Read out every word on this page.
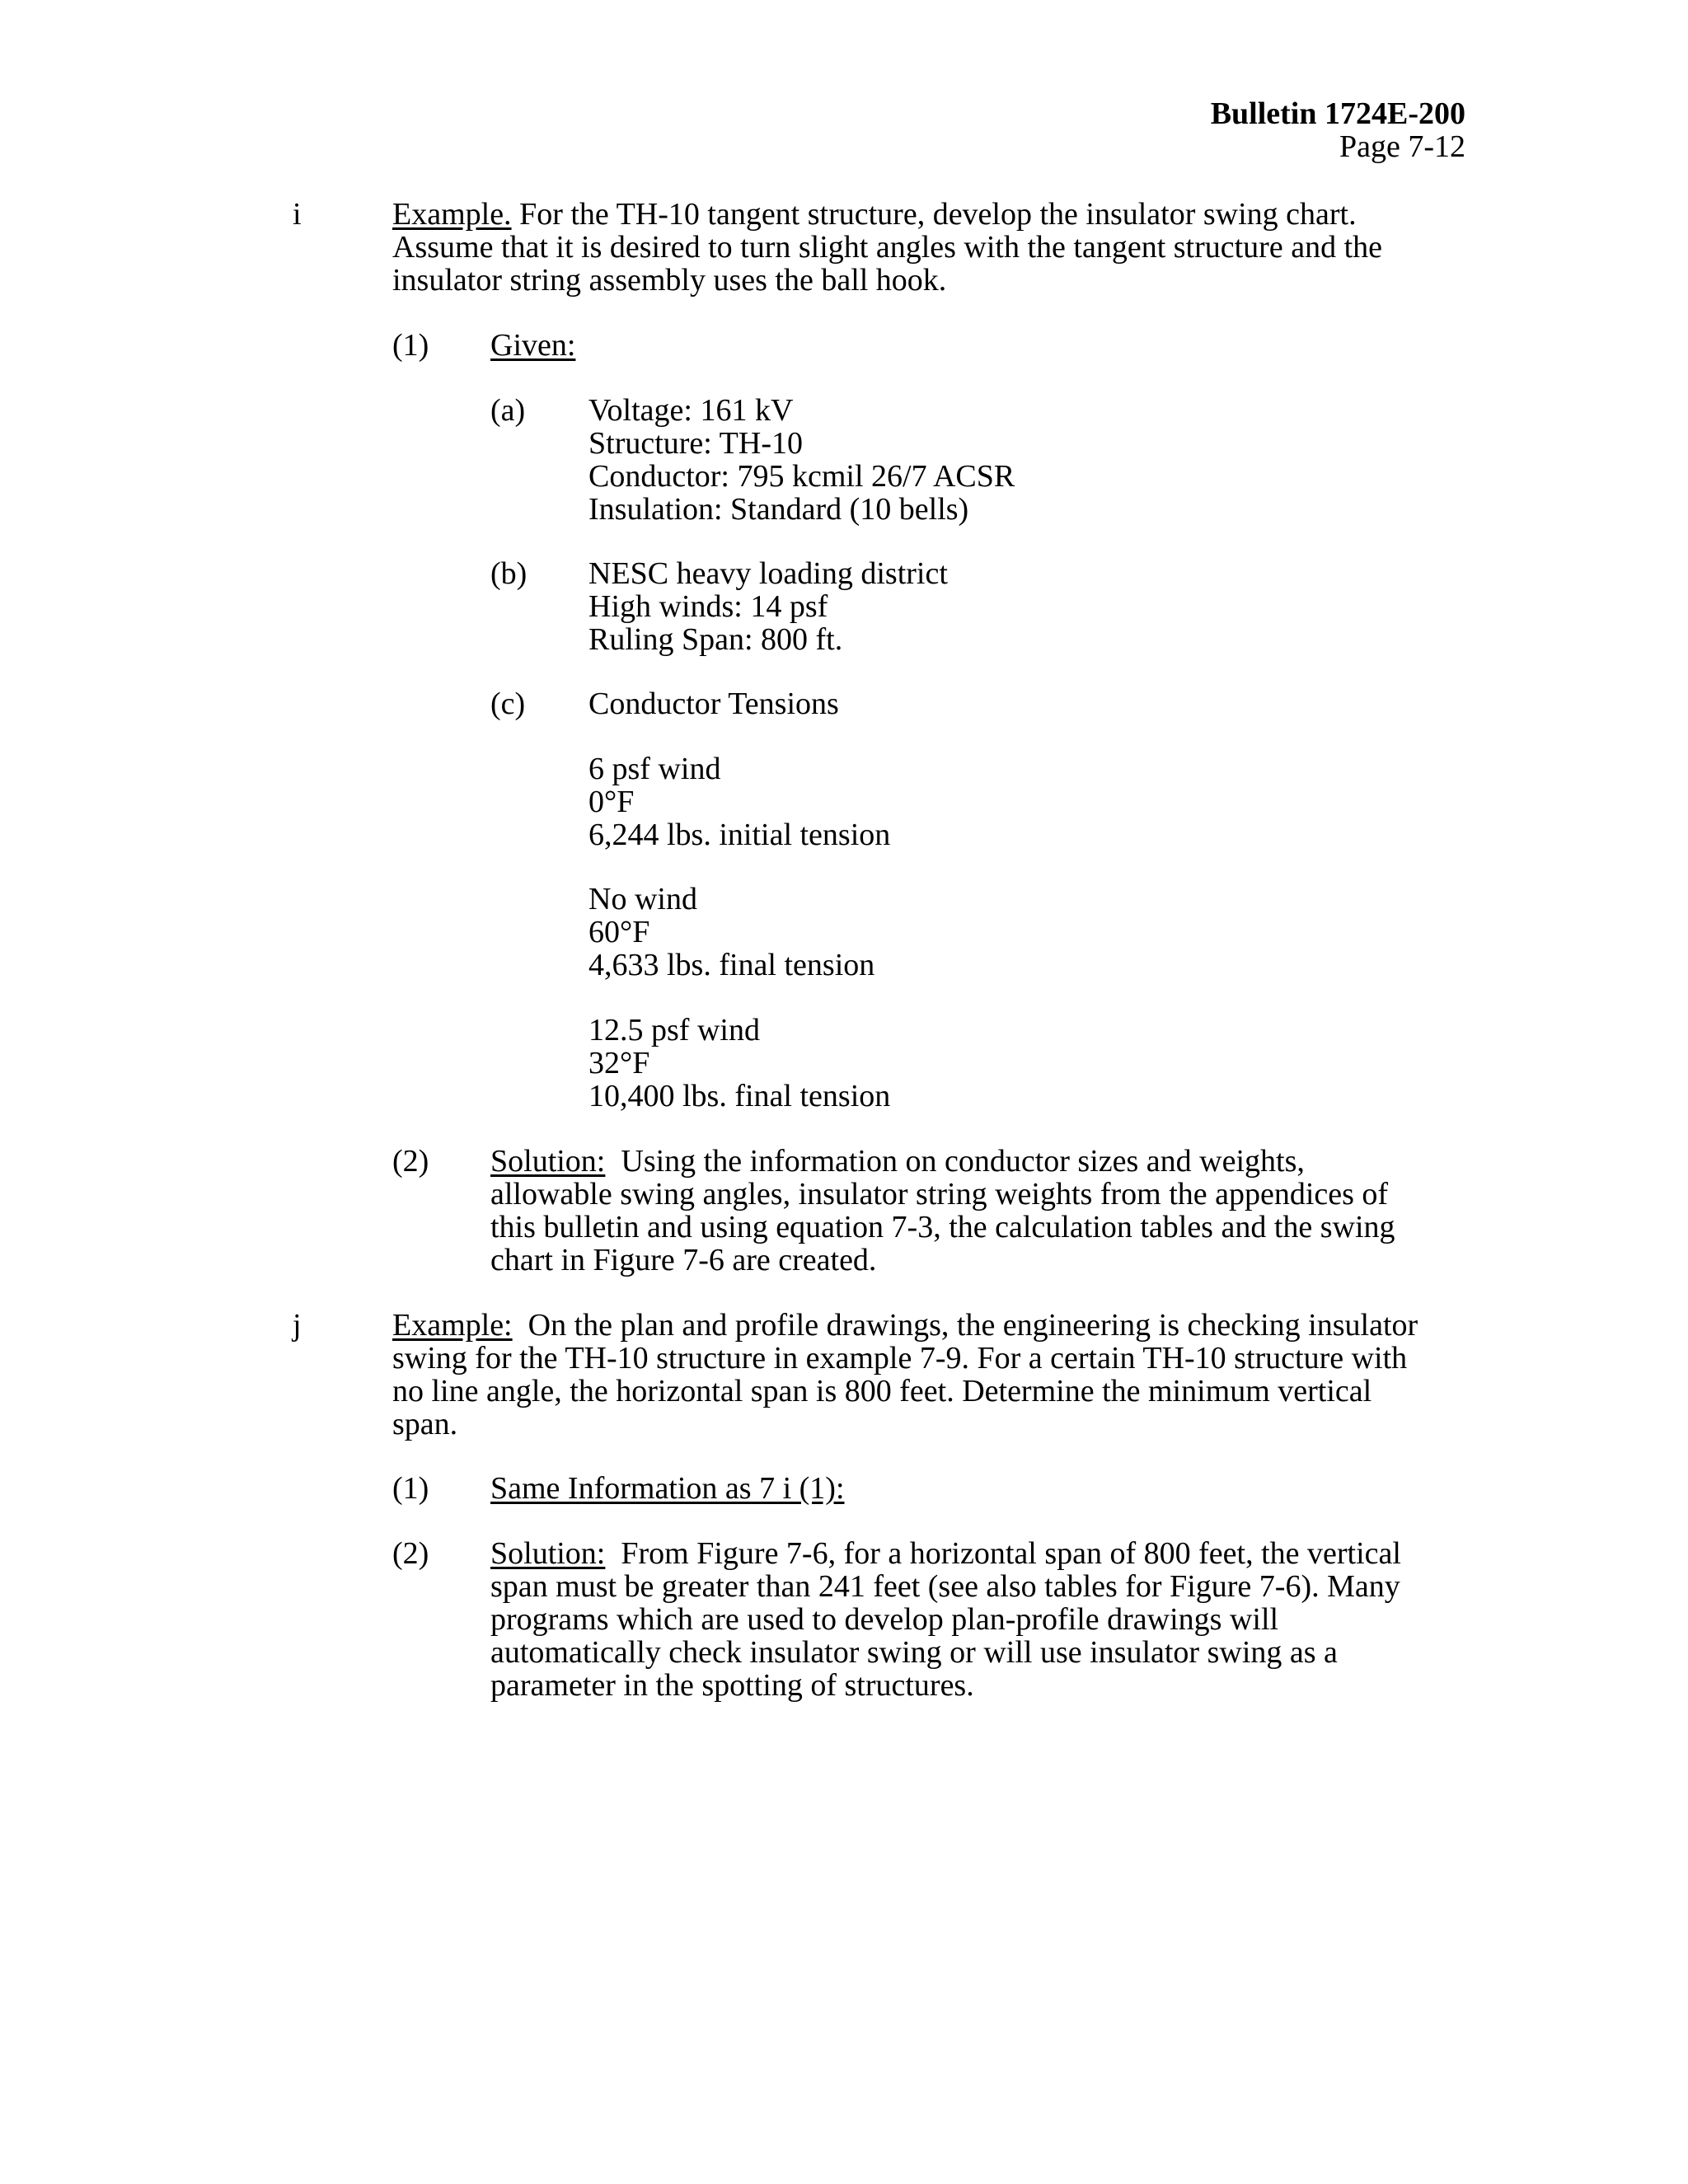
Bulletin 1724E-200
Page 7-12
i	Example. For the TH-10 tangent structure, develop the insulator swing chart.
Assume that it is desired to turn slight angles with the tangent structure and the
insulator string assembly uses the ball hook.
(1) Given:
(a) Voltage: 161 kV
Structure: TH-10
Conductor: 795 kcmil 26/7 ACSR
Insulation: Standard (10 bells)
(b) NESC heavy loading district
High winds: 14 psf
Ruling Span: 800 ft.
(c) Conductor Tensions
6 psf wind
0°F
6,244 lbs. initial tension
No wind
60°F
4,633 lbs. final tension
12.5 psf wind
32°F
10,400 lbs. final tension
(2) Solution:  Using the information on conductor sizes and weights,
allowable swing angles, insulator string weights from the appendices of
this bulletin and using equation 7-3, the calculation tables and the swing
chart in Figure 7-6 are created.
j	Example:  On the plan and profile drawings, the engineering is checking insulator
swing for the TH-10 structure in example 7-9. For a certain TH-10 structure with
no line angle, the horizontal span is 800 feet. Determine the minimum vertical
span.
(1) Same Information as 7 i (1):
(2) Solution:  From Figure 7-6, for a horizontal span of 800 feet, the vertical
span must be greater than 241 feet (see also tables for Figure 7-6). Many
programs which are used to develop plan-profile drawings will
automatically check insulator swing or will use insulator swing as a
parameter in the spotting of structures.
